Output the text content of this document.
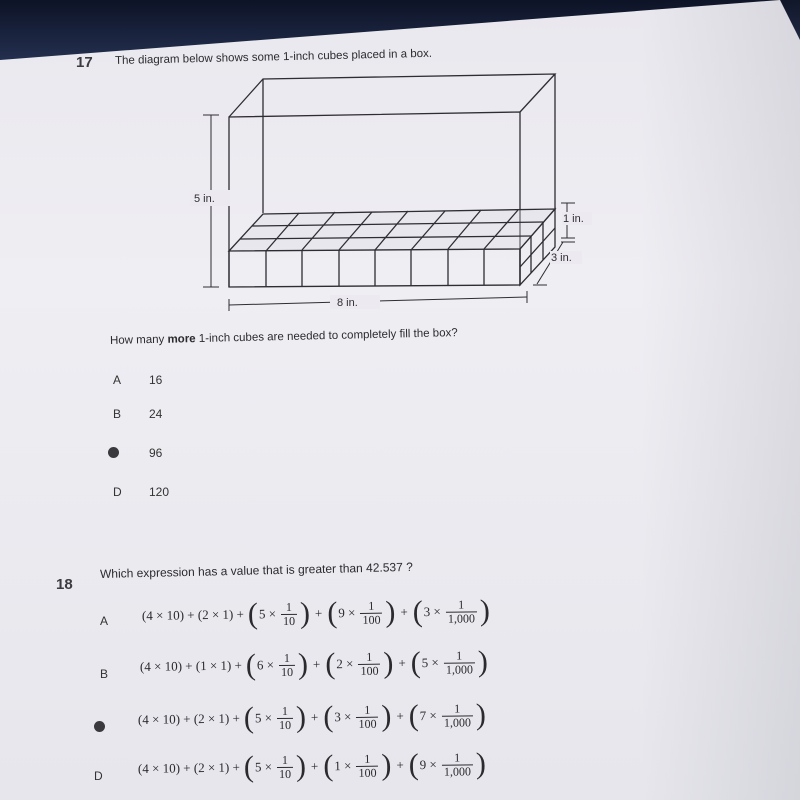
17 The diagram below shows some 1-inch cubes placed in a box.
5 in.
8 in.
1 in.
3 in.
How many more 1-inch cubes are needed to completely fill the box?
A 16
B 24
96
D 120
18
Which expression has a value that is greater than 42.537 ?
A	(4 × 10) + (2 × 1) + ( $5 \times \frac{1}{10}$ ) + ( $9 \times \frac{1}{100}$ ) + ( $3 \times \frac{1}{1,000}$ )
B
(4 × 10) + (1 × 1) + ( $6 \times \frac{1}{10}$ ) + ( $2 \times \frac{1}{100}$ ) + ( $5 \times \frac{1}{1,000}$ )
(4 × 10) + (2 × 1) + ( $5 \times \frac{1}{10}$ ) + ( $3 \times \frac{1}{100}$ ) + ( $7 \times \frac{1}{1,000}$ )
D
(4 × 10) + (2 × 1) + ( $5 \times \frac{1}{10}$ ) + ( $1 \times \frac{1}{100}$ ) + ( $9 \times \frac{1}{1,000}$ )
